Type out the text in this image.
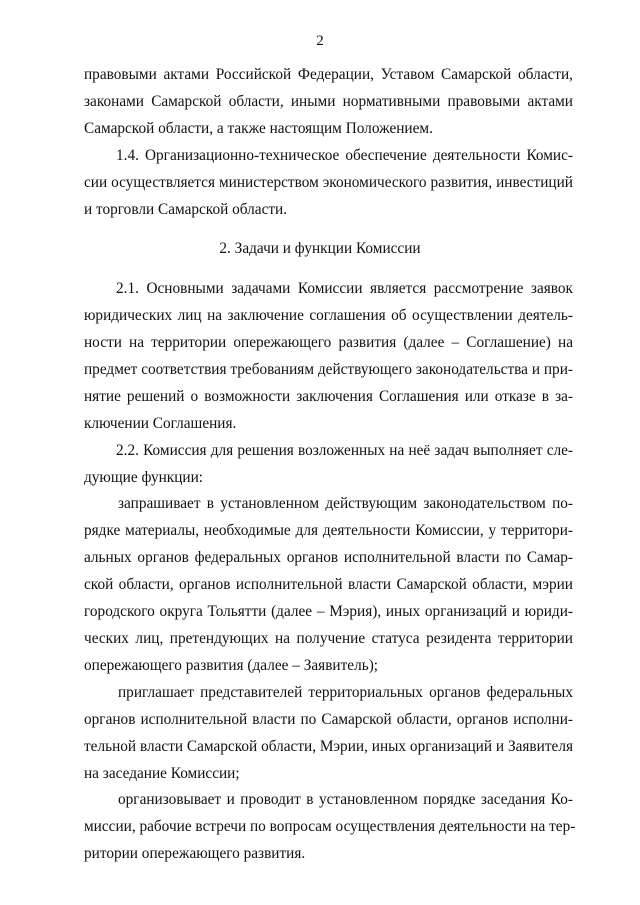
2
правовыми актами Российской Федерации, Уставом Самарской области,
законами Самарской области, иными нормативными правовыми актами
Самарской области, а также настоящим Положением.
1.4. Организационно-техническое обеспечение деятельности Комис-
сии осуществляется министерством экономического развития, инвестиций
и торговли Самарской области.
2. Задачи и функции Комиссии
2.1. Основными задачами Комиссии является рассмотрение заявок
юридических лиц на заключение соглашения об осуществлении деятель-
ности на территории опережающего развития (далее – Соглашение) на
предмет соответствия требованиям действующего законодательства и при-
нятие решений о возможности заключения Соглашения или отказе в за-
ключении Соглашения.
2.2. Комиссия для решения возложенных на неё задач выполняет сле-
дующие функции:
запрашивает в установленном действующим законодательством по-
рядке материалы, необходимые для деятельности Комиссии, у территори-
альных органов федеральных органов исполнительной власти по Самар-
ской области, органов исполнительной власти Самарской области, мэрии
городского округа Тольятти (далее – Мэрия), иных организаций и юриди-
ческих лиц, претендующих на получение статуса резидента территории
опережающего развития (далее – Заявитель);
приглашает представителей территориальных органов федеральных
органов исполнительной власти по Самарской области, органов исполни-
тельной власти Самарской области, Мэрии, иных организаций и Заявителя
на заседание Комиссии;
организовывает и проводит в установленном порядке заседания Ко-
миссии, рабочие встречи по вопросам осуществления деятельности на тер-
ритории опережающего развития.
